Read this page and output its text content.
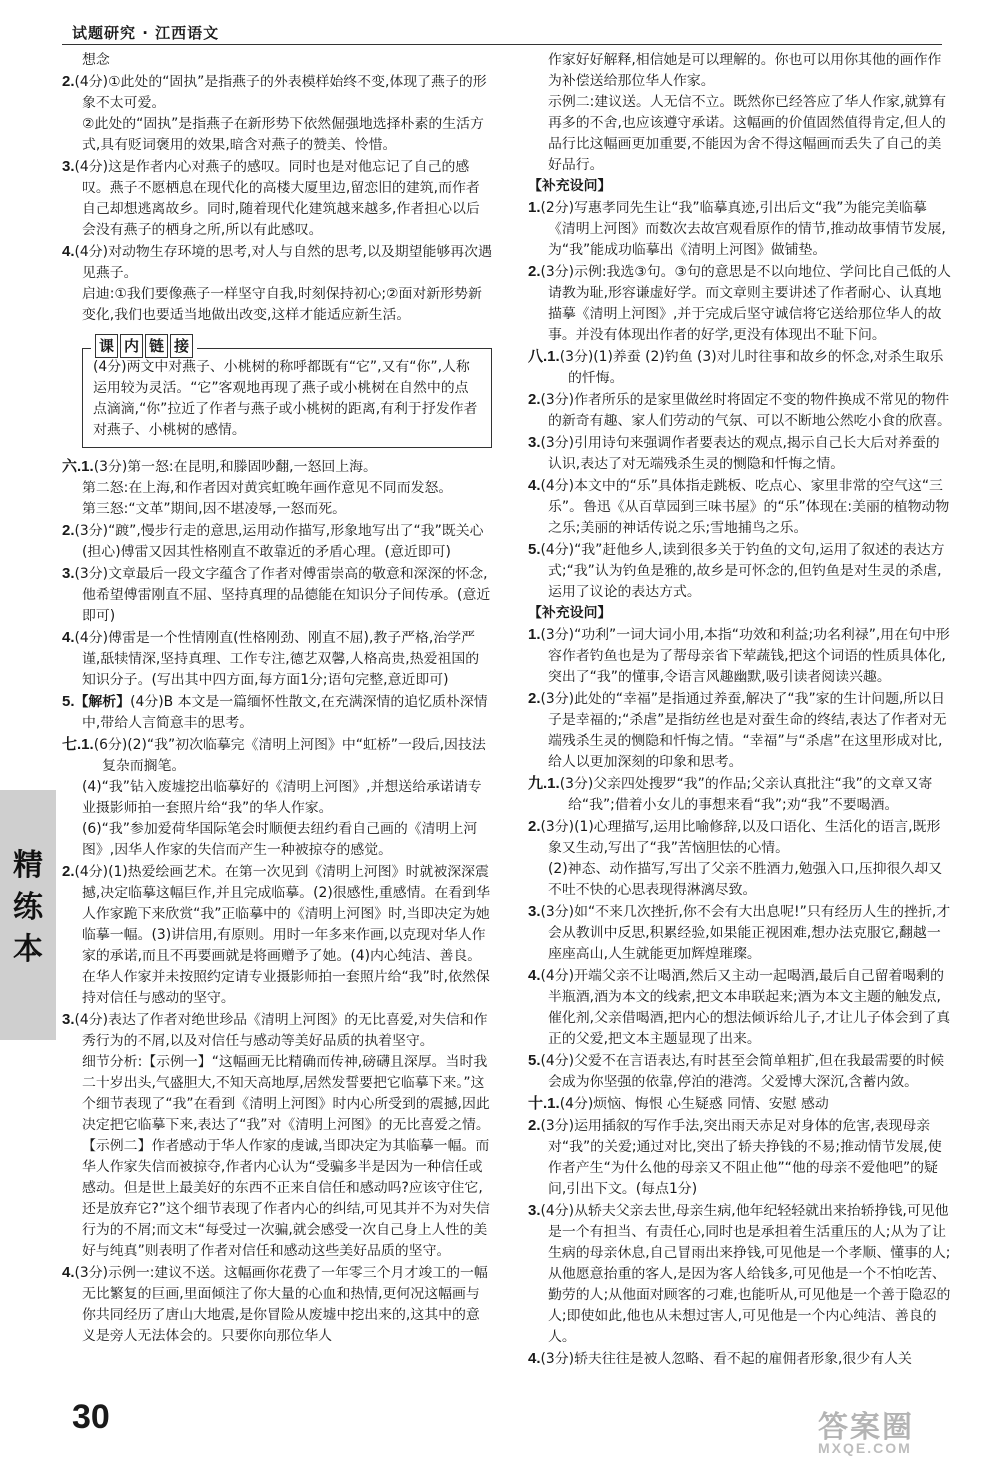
试题研究 · 江西语文
想念
2.(4分)①此处的“固执”是指燕子的外表模样始终不变,体现了燕子的形象不太可爱。
②此处的“固执”是指燕子在新形势下依然倔强地选择朴素的生活方式,具有贬词褒用的效果,暗含对燕子的赞美、怜惜。
3.(4分)这是作者内心对燕子的感叹。同时也是对他忘记了自己的感叹。燕子不愿栖息在现代化的高楼大厦里边,留恋旧的建筑,而作者自己却想逃离故乡。同时,随着现代化建筑越来越多,作者担心以后会没有燕子的栖身之所,所以有此感叹。
4.(4分)对动物生存环境的思考,对人与自然的思考,以及期望能够再次遇见燕子。
启迪:①我们要像燕子一样坚守自我,时刻保持初心;②面对新形势新变化,我们也要适当地做出改变,这样才能适应新生活。
课 内 链 接
(4分)两文中对燕子、小桃树的称呼都既有“它”,又有“你”,人称运用较为灵活。“它”客观地再现了燕子或小桃树在自然中的点点滴滴,“你”拉近了作者与燕子或小桃树的距离,有利于抒发作者对燕子、小桃树的感情。
六.1.(3分)第一怒:在昆明,和滕固吵翻,一怒回上海。
第二怒:在上海,和作者因对黄宾虹晚年画作意见不同而发怒。
第三怒:“文革”期间,因不堪凌辱,一怒而死。
2.(3分)“踱”,慢步行走的意思,运用动作描写,形象地写出了“我”既关心(担心)傅雷又因其性格刚直不敢靠近的矛盾心理。(意近即可)
3.(3分)文章最后一段文字蕴含了作者对傅雷崇高的敬意和深深的怀念,他希望傅雷刚直不屈、坚持真理的品德能在知识分子间传承。(意近即可)
4.(4分)傅雷是一个性情刚直(性格刚劲、刚直不屈),教子严格,治学严谨,舐犊情深,坚持真理、工作专注,德艺双馨,人格高贵,热爱祖国的知识分子。(写出其中四方面,每方面1分;语句完整,意近即可)
5.【解析】(4分)B 本文是一篇缅怀性散文,在充满深情的追忆质朴深情中,带给人言简意丰的思考。
七.1.(6分)(2)“我”初次临摹完《清明上河图》中“虹桥”一段后,因技法复杂而搁笔。
(4)“我”钻入废墟挖出临摹好的《清明上河图》,并想送给承诺请专业摄影师拍一套照片给“我”的华人作家。
(6)“我”参加爱荷华国际笔会时顺便去纽约看自己画的《清明上河图》,因华人作家的失信而产生一种被掠夺的感觉。
2.(4分)(1)热爱绘画艺术。在第一次见到《清明上河图》时就被深深震撼,决定临摹这幅巨作,并且完成临摹。(2)很感性,重感情。在看到华人作家跪下来欣赏“我”正临摹中的《清明上河图》时,当即决定为她临摹一幅。(3)讲信用,有原则。用时一年多来作画,以克现对华人作家的承诺,而且不再要画就是将画赠予了她。(4)内心纯洁、善良。在华人作家并未按照约定请专业摄影师拍一套照片给“我”时,依然保持对信任与感动的坚守。
3.(4分)表达了作者对绝世珍品《清明上河图》的无比喜爱,对失信和作秀行为的不屑,以及对信任与感动等美好品质的执着坚守。
细节分析:【示例一】“这幅画无比精确而传神,磅礴且深厚。当时我二十岁出头,气盛胆大,不知天高地厚,居然发誓要把它临摹下来。”这个细节表现了“我”在看到《清明上河图》时内心所受到的震撼,因此决定把它临摹下来,表达了“我”对《清明上河图》的无比喜爱之情。
【示例二】作者感动于华人作家的虔诚,当即决定为其临摹一幅。而华人作家失信而被掠夺,作者内心认为“受骗多半是因为一种信任或感动。但是世上最美好的东西不正来自信任和感动吗?应该守住它,还是放弃它?”这个细节表现了作者内心的纠结,可见其并不为对失信行为的不屑;而文末“每受过一次骗,就会感受一次自己身上人性的美好与纯真”则表明了作者对信任和感动这些美好品质的坚守。
4.(3分)示例一:建议不送。这幅画你花费了一年零三个月才竣工的一幅无比繁复的巨画,里面倾注了你大量的心血和热情,更何况这幅画与你共同经历了唐山大地震,是你冒险从废墟中挖出来的,这其中的意义是旁人无法体会的。只要你向那位华人
作家好好解释,相信她是可以理解的。你也可以用你其他的画作作为补偿送给那位华人作家。
示例二:建议送。人无信不立。既然你已经答应了华人作家,就算有再多的不舍,也应该遵守承诺。这幅画的价值固然值得肯定,但人的品行比这幅画更加重要,不能因为舍不得这幅画而丢失了自己的美好品行。
【补充设问】
1.(2分)写惠孝同先生让“我”临摹真迹,引出后文“我”为能完美临摹《清明上河图》而数次去故宫观看原作的情节,推动故事情节发展,为“我”能成功临摹出《清明上河图》做铺垫。
2.(3分)示例:我选③句。③句的意思是不以向地位、学问比自己低的人请教为耻,形容谦虚好学。而文章则主要讲述了作者耐心、认真地描摹《清明上河图》,并于完成后坚守诚信将它送给那位华人的故事。并没有体现出作者的好学,更没有体现出不耻下问。
八.1.(3分)(1)养蚕 (2)钓鱼 (3)对儿时往事和故乡的怀念,对杀生取乐的忏悔。
2.(3分)作者所乐的是家里做丝时将固定不变的物件换成不常见的物件的新奇有趣、家人们劳动的气氛、可以不断地公然吃小食的欣喜。
3.(3分)引用诗句来强调作者要表达的观点,揭示自己长大后对养蚕的认识,表达了对无端残杀生灵的恻隐和忏悔之情。
4.(4分)本文中的“乐”具体指走跳板、吃点心、家里非常的空气这“三乐”。鲁迅《从百草园到三味书屋》的“乐”体现在:美丽的植物动物之乐;美丽的神话传说之乐;雪地捕鸟之乐。
5.(4分)“我”赶他乡人,读到很多关于钓鱼的文句,运用了叙述的表达方式;“我”认为钓鱼是雅的,故乡是可怀念的,但钓鱼是对生灵的杀虐,运用了议论的表达方式。
【补充设问】
1.(3分)“功利”一词大词小用,本指“功效和利益;功名利禄”,用在句中形容作者钓鱼也是为了帮母亲省下荤蔬钱,把这个词语的性质具体化,突出了“我”的懂事,令语言风趣幽默,吸引读者阅读兴趣。
2.(3分)此处的“幸福”是指通过养蚕,解决了“我”家的生计问题,所以日子是幸福的;“杀虐”是指纺丝也是对蚕生命的终结,表达了作者对无端残杀生灵的恻隐和忏悔之情。“幸福”与“杀虐”在这里形成对比,给人以更加深刻的印象和思考。
九.1.(3分)父亲四处搜罗“我”的作品;父亲认真批注“我”的文章又寄给“我”;借着小女儿的事想来看“我”;劝“我”不要喝酒。
2.(3分)(1)心理描写,运用比喻修辞,以及口语化、生活化的语言,既形象又生动,写出了“我”苦恼胆怯的心情。
(2)神态、动作描写,写出了父亲不胜酒力,勉强入口,压抑很久却又不吐不快的心思表现得淋漓尽致。
3.(3分)如“不来几次挫折,你不会有大出息呢!”只有经历人生的挫折,才会从教训中反思,积累经验,如果能正视困难,想办法克服它,翻越一座座高山,人生就能更加辉煌璀璨。
4.(4分)开端父亲不让喝酒,然后又主动一起喝酒,最后自己留着喝剩的半瓶酒,酒为本文的线索,把文本串联起来;酒为本文主题的触发点,催化剂,父亲借喝酒,把内心的想法倾诉给儿子,才让儿子体会到了真正的父爱,把文本主题显现了出来。
5.(4分)父爱不在言语表达,有时甚至会简单粗扩,但在我最需要的时候会成为你坚强的依靠,停泊的港湾。父爱博大深沉,含蓄内敛。
十.1.(4分)烦恼、悔恨 心生疑惑 同情、安慰 感动
2.(3分)运用插叙的写作手法,突出雨天赤足对身体的危害,表现母亲对“我”的关爱;通过对比,突出了轿夫挣钱的不易;推动情节发展,使作者产生“为什么他的母亲又不阻止他”“他的母亲不爱他吧”的疑问,引出下文。(每点1分)
3.(4分)从轿夫父亲去世,母亲生病,他年纪轻轻就出来抬轿挣钱,可见他是一个有担当、有责任心,同时也是承担着生活重压的人;从为了让生病的母亲休息,自己冒雨出来挣钱,可见他是一个孝顺、懂事的人;从他愿意抬重的客人,是因为客人给钱多,可见他是一个不怕吃苦、勤劳的人;从他面对顾客的刁难,也能听从,可见他是一个善于隐忍的人;即使如此,他也从未想过害人,可见他是一个内心纯洁、善良的人。
4.(3分)轿夫往往是被人忽略、看不起的雇佣者形象,很少有人关
精练本
30	答案圈
MXQE.COM
